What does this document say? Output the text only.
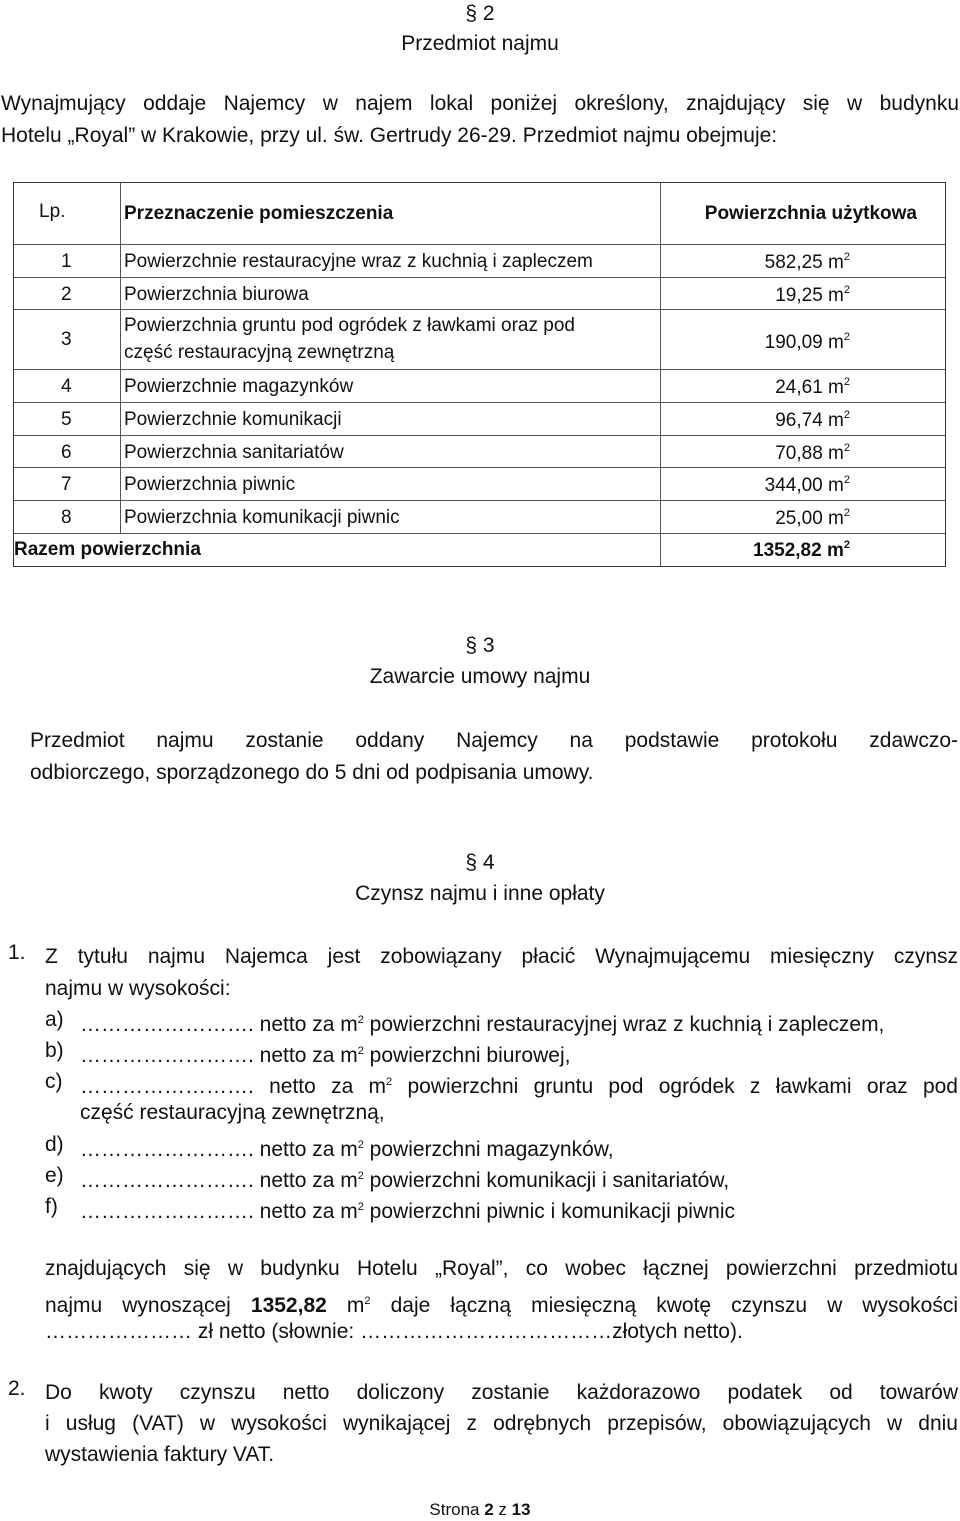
§ 2
Przedmiot najmu
Wynajmujący oddaje Najemcy w najem lokal poniżej określony, znajdujący się w budynku
Hotelu „Royal” w Krakowie, przy ul. św. Gertrudy 26-29. Przedmiot najmu obejmuje:
Lp.	Przeznaczenie pomieszczenia	Powierzchnia użytkowa
1	Powierzchnie restauracyjne wraz z kuchnią i zapleczem	582,25 $m^2$
2	Powierzchnia biurowa	19,25 $m^2$
3
Powierzchnia gruntu pod ogródek z ławkami oraz pod
część restauracyjną zewnętrzną	190,09 $m^2$
4	Powierzchnie magazynków	24,61 $m^2$
5	Powierzchnie komunikacji	96,74 $m^2$
6	Powierzchnia sanitariatów	70,88 $m^2$
7	Powierzchnia piwnic	344,00 $m^2$
8	Powierzchnia komunikacji piwnic	25,00 $m^2$
Razem powierzchnia	1352,82 $m^2$
§ 3
Zawarcie umowy najmu
Przedmiot najmu zostanie oddany Najemcy na podstawie protokołu zdawczo-
odbiorczego, sporządzonego do 5 dni od podpisania umowy.
§ 4
Czynsz najmu i inne opłaty
1. Z tytułu najmu Najemca jest zobowiązany płacić Wynajmującemu miesięczny czynsz
najmu w wysokości:
a) ……………………. netto za $m^2$ powierzchni restauracyjnej wraz z kuchnią i zapleczem,
b) ……………………. netto za $m^2$ powierzchni biurowej,
c) ……………………. netto za $m^2$ powierzchni gruntu pod ogródek z ławkami oraz pod
część restauracyjną zewnętrzną,
d) ……………………. netto za $m^2$ powierzchni magazynków,
e) ……………………. netto za $m^2$ powierzchni komunikacji i sanitariatów,
f) ……………………. netto za $m^2$ powierzchni piwnic i komunikacji piwnic
znajdujących się w budynku Hotelu „Royal”, co wobec łącznej powierzchni przedmiotu
najmu wynoszącej 1352,82 $m^2$ daje łączną miesięczną kwotę czynszu w wysokości
………………… zł netto (słownie: ………………………………złotych netto).
2. Do kwoty czynszu netto doliczony zostanie każdorazowo podatek od towarów
i usług (VAT) w wysokości wynikającej z odrębnych przepisów, obowiązujących w dniu
wystawienia faktury VAT.
Strona 2 z 13
